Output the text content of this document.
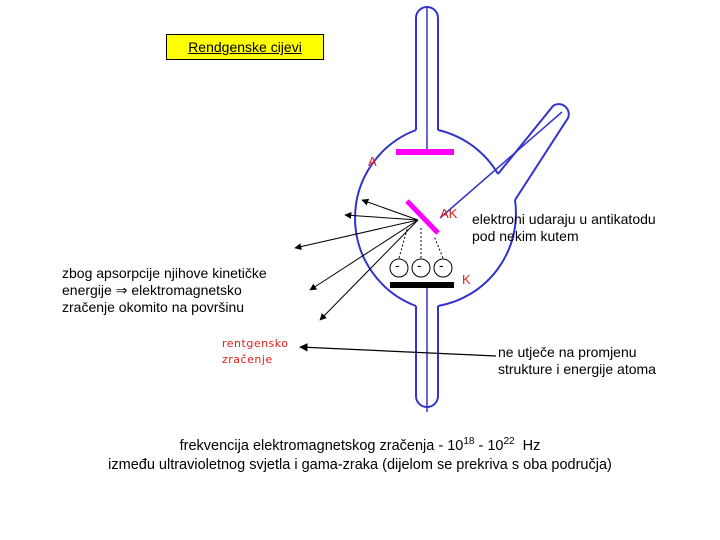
Rendgenske cijevi
A
AK
K
- - -
elektroni udaraju u antikatodu
pod nekim kutem
zbog apsorpcije njihove kinetičke
energije ⇒ elektromagnetsko
zračenje okomito na površinu
rentgensko
zračenje	ne utječe na promjenu
strukture i energije atoma
frekvencija elektromagnetskog zračenja - $10^{18} - 10^{22}$  Hz
između ultravioletnog svjetla i gama-zraka (dijelom se prekriva s oba područja)
